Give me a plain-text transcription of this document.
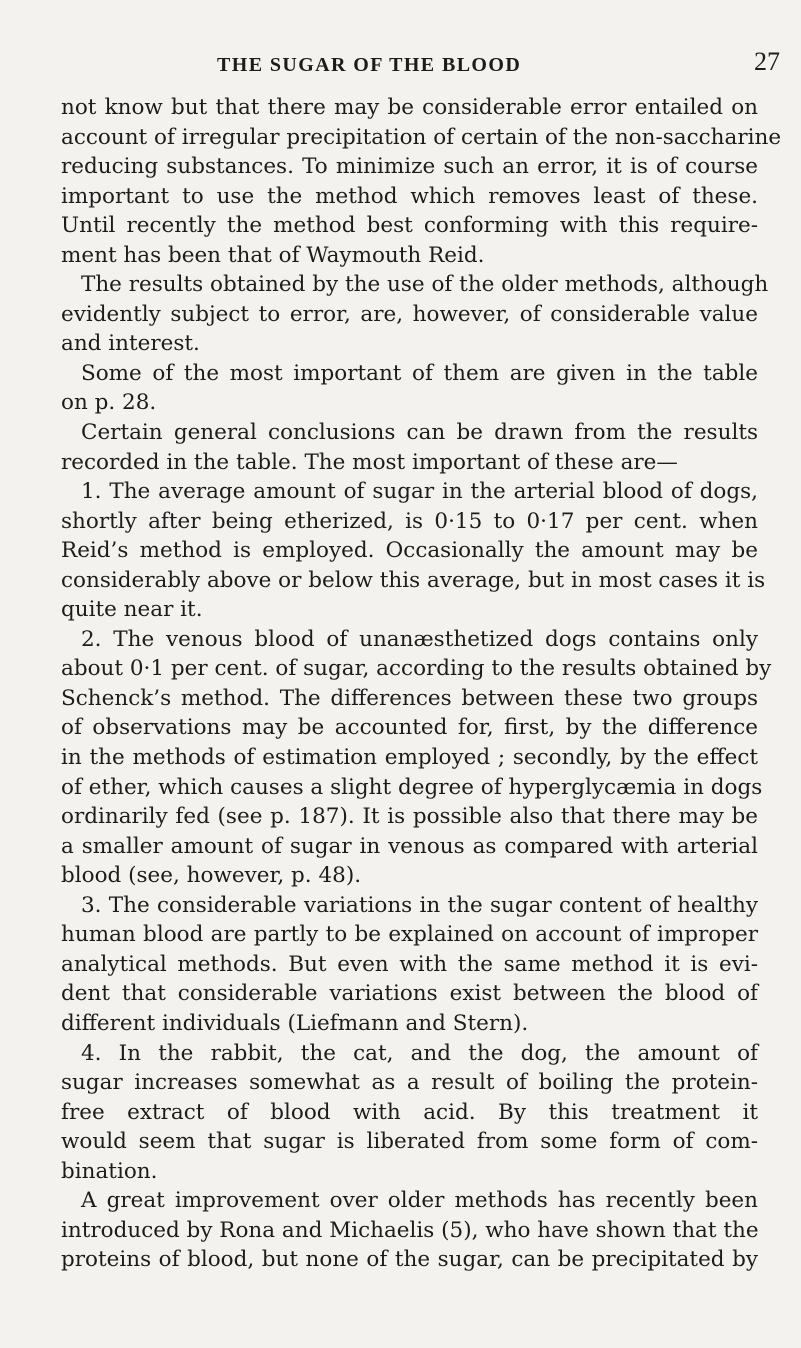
THE SUGAR OF THE BLOOD	27
not know but that there may be considerable error entailed on
account of irregular precipitation of certain of the non-saccharine
reducing substances. To minimize such an error, it is of course
important to use the method which removes least of these.
Until recently the method best conforming with this require-
ment has been that of Waymouth Reid.
The results obtained by the use of the older methods, although
evidently subject to error, are, however, of considerable value
and interest.
Some of the most important of them are given in the table
on p. 28.
Certain general conclusions can be drawn from the results
recorded in the table. The most important of these are—
1. The average amount of sugar in the arterial blood of dogs,
shortly after being etherized, is 0·15 to 0·17 per cent. when
Reid’s method is employed. Occasionally the amount may be
considerably above or below this average, but in most cases it is
quite near it.
2. The venous blood of unanæsthetized dogs contains only
about 0·1 per cent. of sugar, according to the results obtained by
Schenck’s method. The differences between these two groups
of observations may be accounted for, first, by the difference
in the methods of estimation employed ; secondly, by the effect
of ether, which causes a slight degree of hyperglycæmia in dogs
ordinarily fed (see p. 187). It is possible also that there may be
a smaller amount of sugar in venous as compared with arterial
blood (see, however, p. 48).
3. The considerable variations in the sugar content of healthy
human blood are partly to be explained on account of improper
analytical methods. But even with the same method it is evi-
dent that considerable variations exist between the blood of
different individuals (Liefmann and Stern).
4. In the rabbit, the cat, and the dog, the amount of
sugar increases somewhat as a result of boiling the protein-
free extract of blood with acid. By this treatment it
would seem that sugar is liberated from some form of com-
bination.
A great improvement over older methods has recently been
introduced by Rona and Michaelis (5), who have shown that the
proteins of blood, but none of the sugar, can be precipitated by
